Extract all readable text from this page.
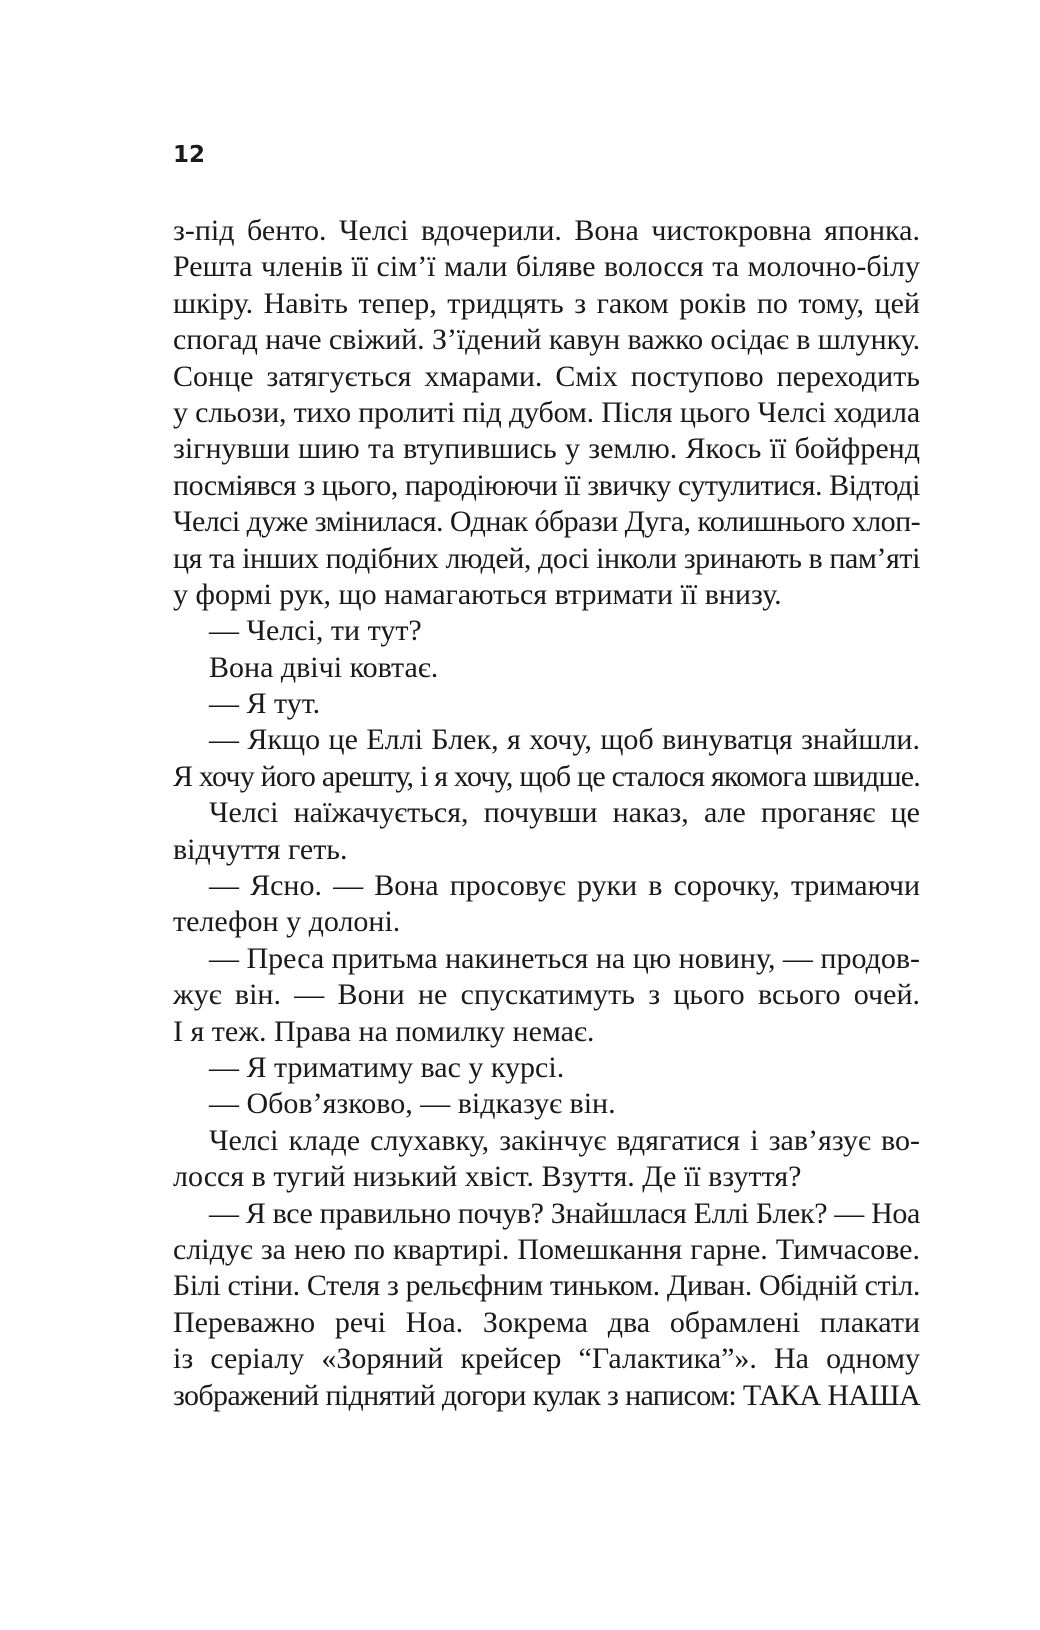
12

з-під бенто. Челсі вдочерили. Вона чистокровна японка.
Решта членів її сім’ї мали біляве волосся та молочно-білу
шкіру. Навіть тепер, тридцять з гаком років по тому, цей
спогад наче свіжий. З’їдений кавун важко осідає в шлунку.
Сонце затягується хмарами. Сміх поступово переходить
у сльози, тихо пролиті під дубом. Після цього Челсі ходила
зігнувши шию та втупившись у землю. Якось її бойфренд
посміявся з цього, пародіюючи її звичку сутулитися. Відтоді
Челсі дуже змінилася. Однак óбрази Дуга, колишнього хлоп-
ця та інших подібних людей, досі інколи зринають в пам’яті
у формі рук, що намагаються втримати її внизу.
— Челсі, ти тут?
Вона двічі ковтає.
— Я тут.
— Якщо це Еллі Блек, я хочу, щоб винуватця знайшли.
Я хочу його арешту, і я хочу, щоб це сталося якомога швидше.
Челсі наїжачується, почувши наказ, але проганяє це
відчуття геть.
— Ясно. — Вона просовує руки в сорочку, тримаючи
телефон у долоні.
— Преса притьма накинеться на цю новину, — продов-
жує він. — Вони не спускатимуть з цього всього очей.
І я теж. Права на помилку немає.
— Я триматиму вас у курсі.
— Обов’язково, — відказує він.
Челсі кладе слухавку, закінчує вдягатися і зав’язує во-
лосся в тугий низький хвіст. Взуття. Де її взуття?
— Я все правильно почув? Знайшлася Еллі Блек? — Ноа
слідує за нею по квартирі. Помешкання гарне. Тимчасове.
Білі стіни. Стеля з рельєфним тиньком. Диван. Обідній стіл.
Переважно речі Ноа. Зокрема два обрамлені плакати
із серіалу «Зоряний крейсер “Галактика”». На одному
зображений піднятий догори кулак з написом: ТАКА НАША
